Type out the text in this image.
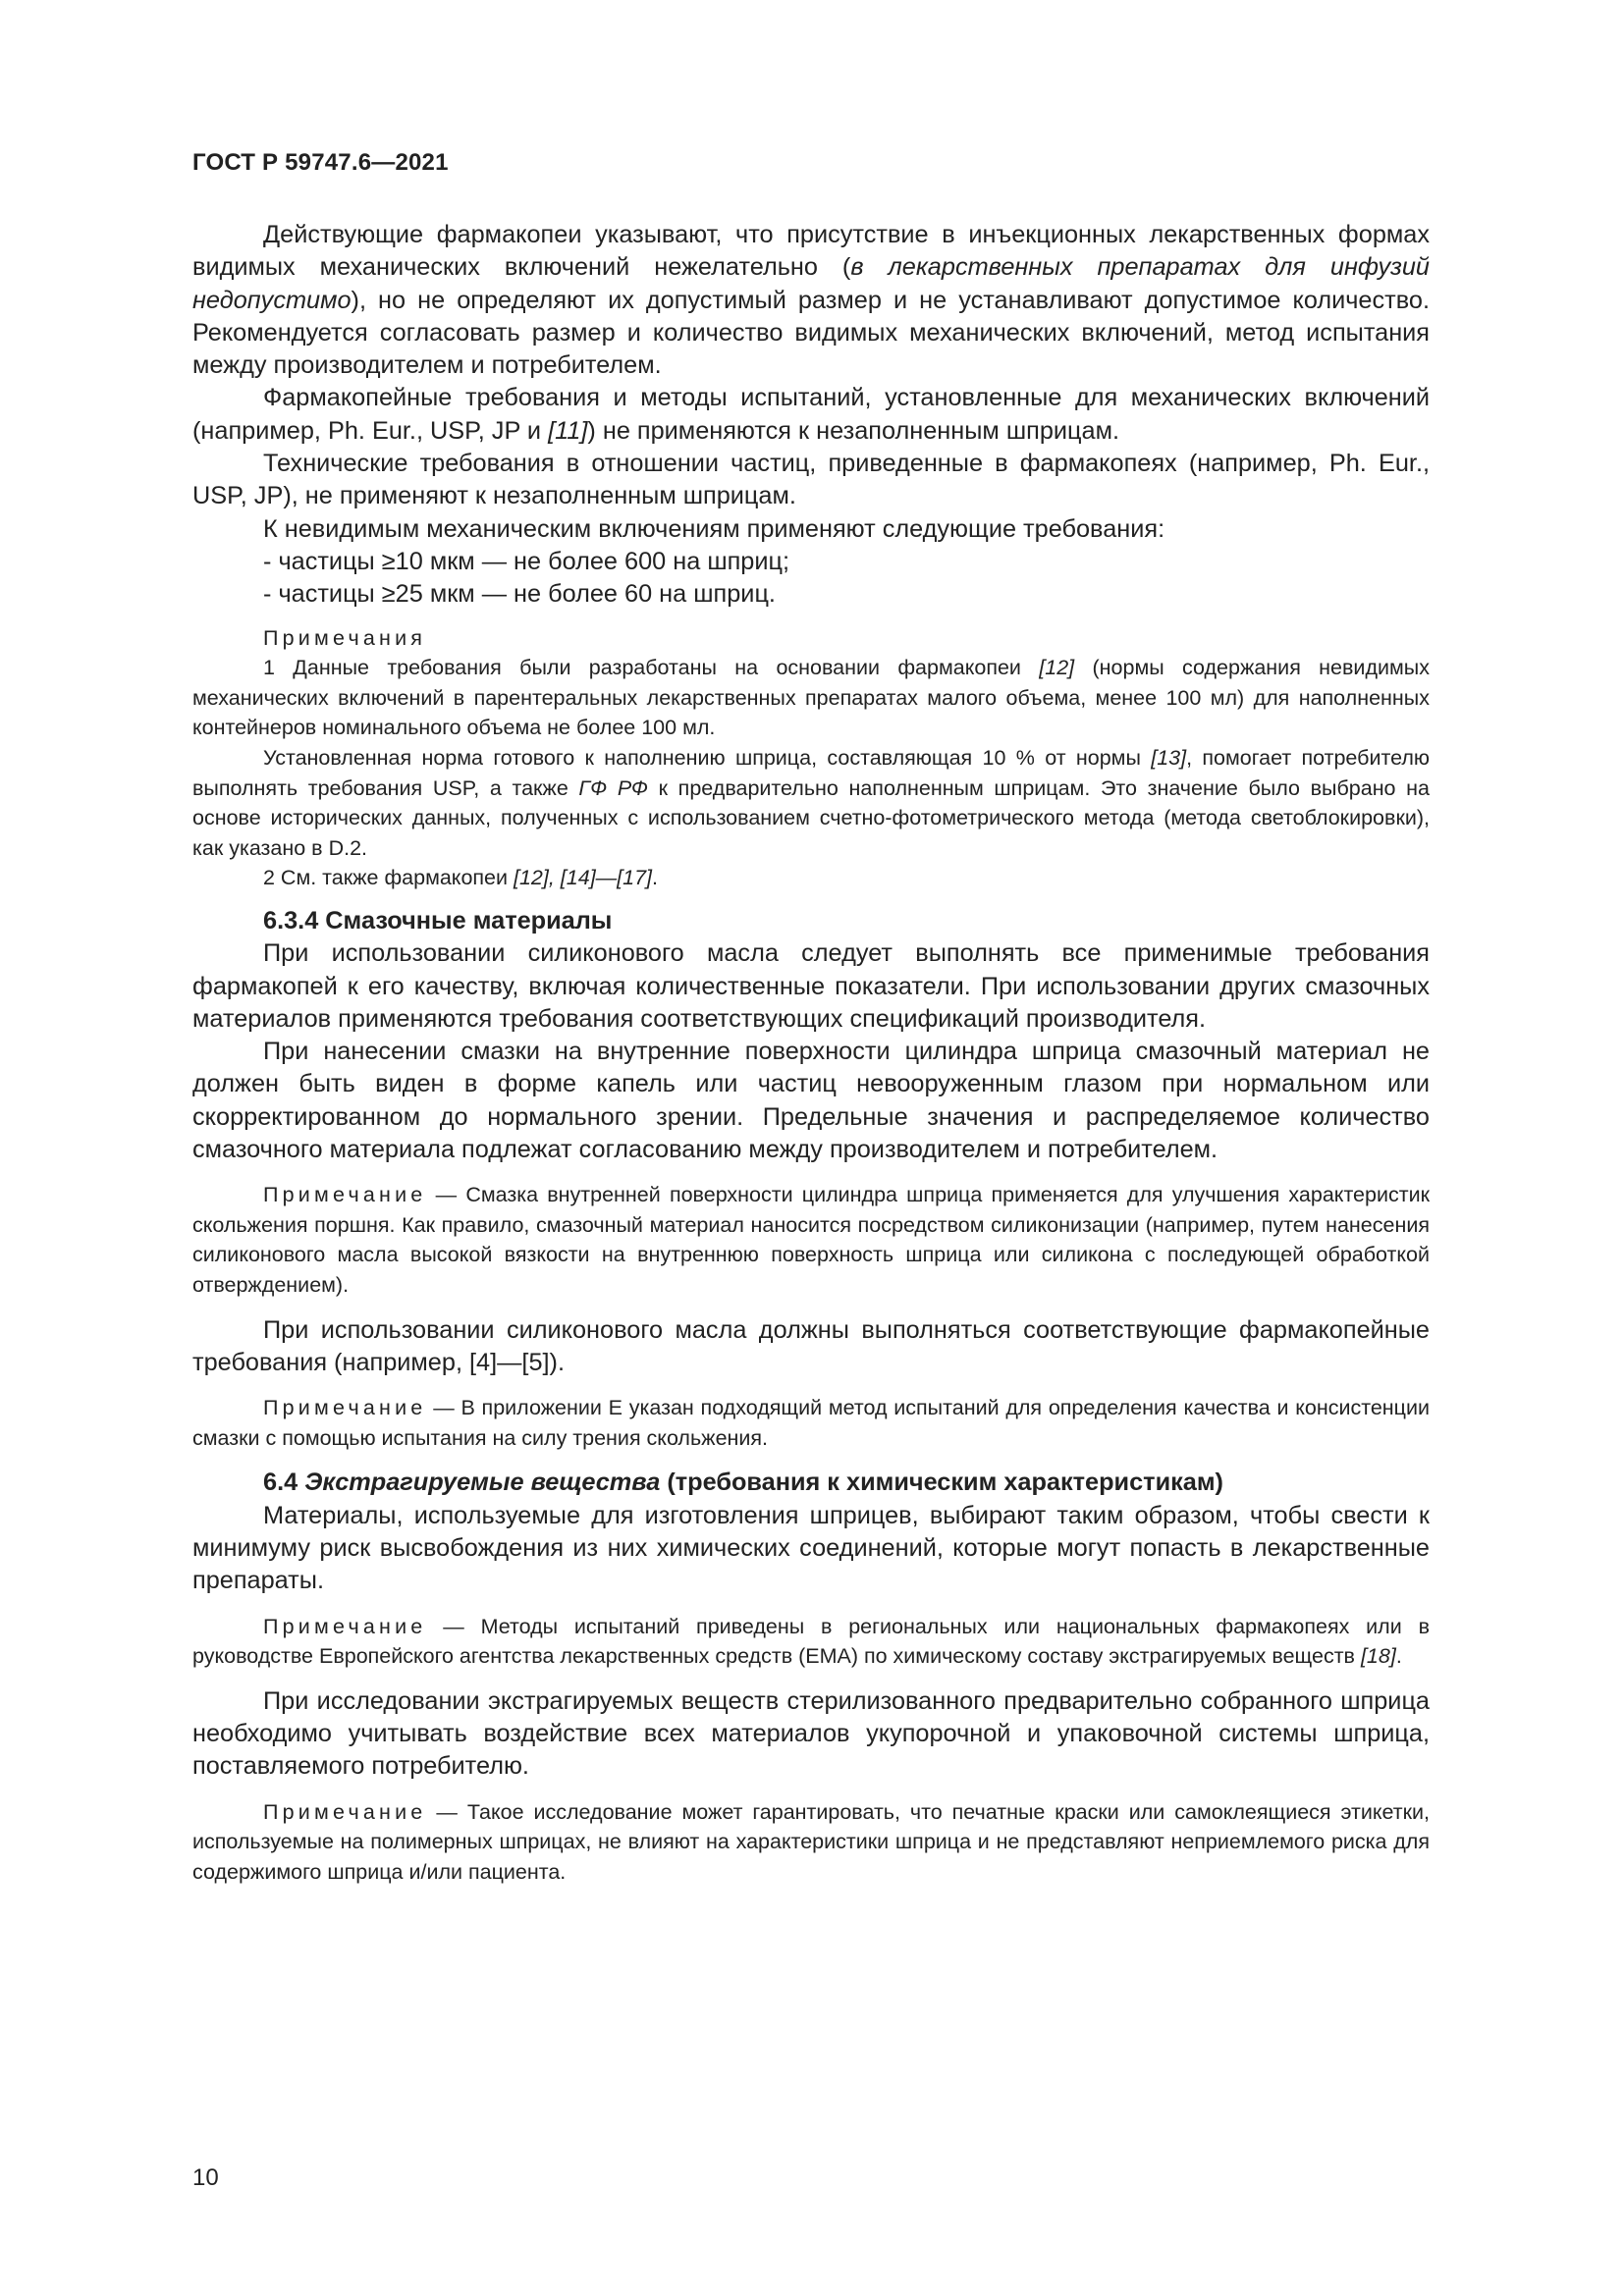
ГОСТ Р 59747.6—2021

Действующие фармакопеи указывают, что присутствие в инъекционных лекарственных формах видимых механических включений нежелательно (в лекарственных препаратах для инфузий недопустимо), но не определяют их допустимый размер и не устанавливают допустимое количество. Рекомендуется согласовать размер и количество видимых механических включений, метод испытания между производителем и потребителем.

Фармакопейные требования и методы испытаний, установленные для механических включений (например, Ph. Eur., USP, JP и [11]) не применяются к незаполненным шприцам.

Технические требования в отношении частиц, приведенные в фармакопеях (например, Ph. Eur., USP, JP), не применяют к незаполненным шприцам.

К невидимым механическим включениям применяют следующие требования:

- частицы ≥10 мкм — не более 600 на шприц;

- частицы ≥25 мкм — не более 60 на шприц.

Примечания

1 Данные требования были разработаны на основании фармакопеи [12] (нормы содержания невидимых механических включений в парентеральных лекарственных препаратах малого объема, менее 100 мл) для наполненных контейнеров номинального объема не более 100 мл.

Установленная норма готового к наполнению шприца, составляющая 10 % от нормы [13], помогает потребителю выполнять требования USP, а также ГФ РФ к предварительно наполненным шприцам. Это значение было выбрано на основе исторических данных, полученных с использованием счетно-фотометрического метода (метода светоблокировки), как указано в D.2.

2 См. также фармакопеи [12], [14]—[17].

6.3.4 Смазочные материалы

При использовании силиконового масла следует выполнять все применимые требования фармакопей к его качеству, включая количественные показатели. При использовании других смазочных материалов применяются требования соответствующих спецификаций производителя.

При нанесении смазки на внутренние поверхности цилиндра шприца смазочный материал не должен быть виден в форме капель или частиц невооруженным глазом при нормальном или скорректированном до нормального зрении. Предельные значения и распределяемое количество смазочного материала подлежат согласованию между производителем и потребителем.

Примечание — Смазка внутренней поверхности цилиндра шприца применяется для улучшения характеристик скольжения поршня. Как правило, смазочный материал наносится посредством силиконизации (например, путем нанесения силиконового масла высокой вязкости на внутреннюю поверхность шприца или силикона с последующей обработкой отверждением).

При использовании силиконового масла должны выполняться соответствующие фармакопейные требования (например, [4]—[5]).

Примечание — В приложении E указан подходящий метод испытаний для определения качества и консистенции смазки с помощью испытания на силу трения скольжения.

6.4 Экстрагируемые вещества (требования к химическим характеристикам)

Материалы, используемые для изготовления шприцев, выбирают таким образом, чтобы свести к минимуму риск высвобождения из них химических соединений, которые могут попасть в лекарственные препараты.

Примечание — Методы испытаний приведены в региональных или национальных фармакопеях или в руководстве Европейского агентства лекарственных средств (EMA) по химическому составу экстрагируемых веществ [18].

При исследовании экстрагируемых веществ стерилизованного предварительно собранного шприца необходимо учитывать воздействие всех материалов укупорочной и упаковочной системы шприца, поставляемого потребителю.

Примечание — Такое исследование может гарантировать, что печатные краски или самоклеящиеся этикетки, используемые на полимерных шприцах, не влияют на характеристики шприца и не представляют неприемлемого риска для содержимого шприца и/или пациента.

10
